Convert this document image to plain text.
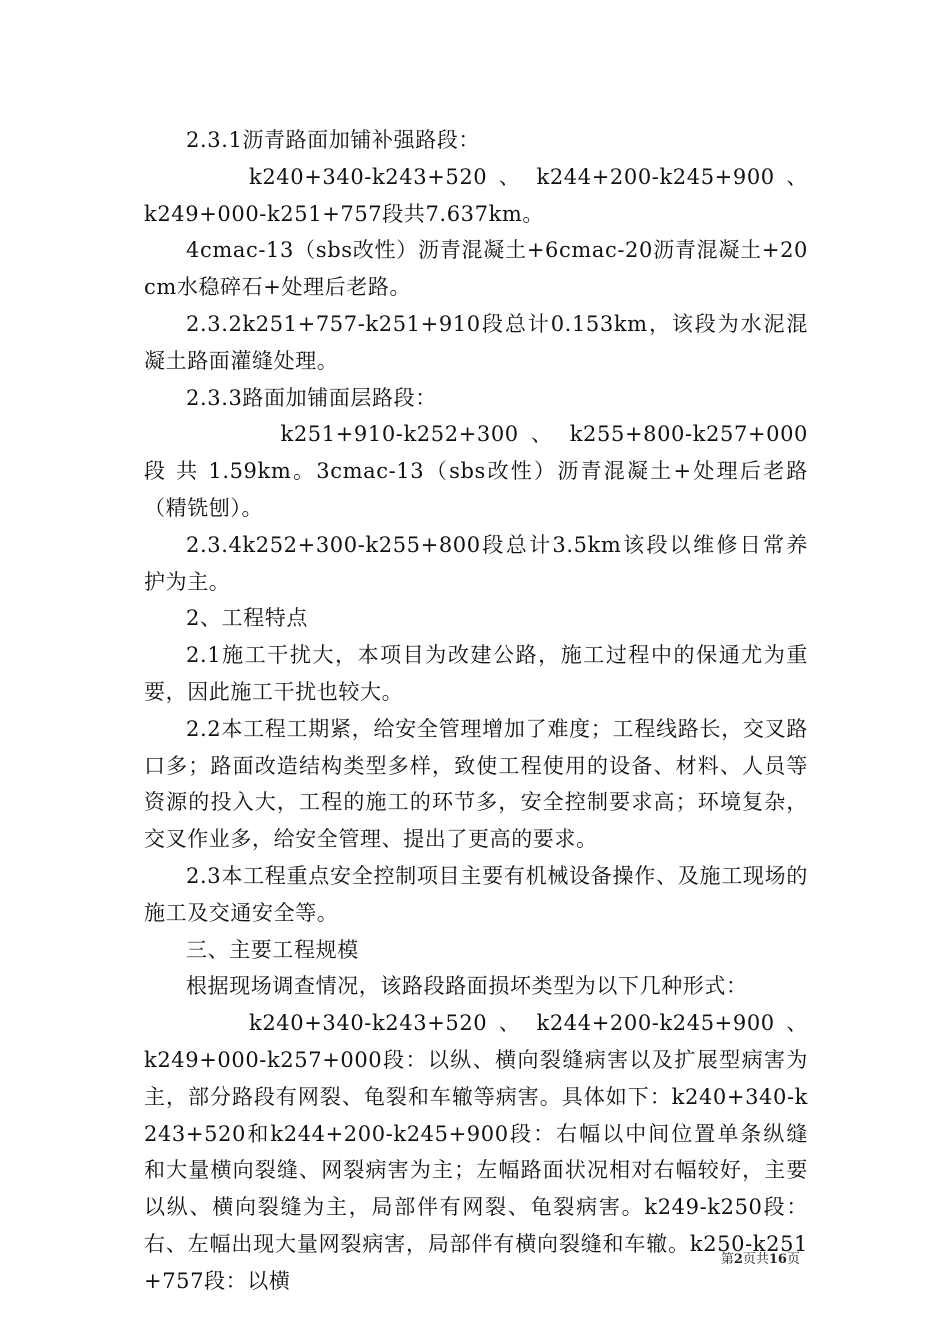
2.3.1沥青路面加铺补强路段：

k240+340-k243+520 、 k244+200-k245+900 、 k249+000-k251+757段共7.637km。

4cmac-13（sbs改性）沥青混凝土+6cmac-20沥青混凝土+20cm水稳碎石+处理后老路。

2.3.2k251+757-k251+910段总计0.153km，该段为水泥混凝土路面灌缝处理。

2.3.3路面加铺面层路段：

k251+910-k252+300 、 k255+800-k257+000 段 共 1.59km。3cmac-13（sbs改性）沥青混凝土+处理后老路（精铣刨）。

2.3.4k252+300-k255+800段总计3.5km该段以维修日常养护为主。

2、工程特点

2.1施工干扰大，本项目为改建公路，施工过程中的保通尤为重要，因此施工干扰也较大。

2.2本工程工期紧，给安全管理增加了难度；工程线路长，交叉路口多；路面改造结构类型多样，致使工程使用的设备、材料、人员等资源的投入大，工程的施工的环节多，安全控制要求高；环境复杂，交叉作业多，给安全管理、提出了更高的要求。

2.3本工程重点安全控制项目主要有机械设备操作、及施工现场的施工及交通安全等。

三、主要工程规模

根据现场调查情况，该路段路面损坏类型为以下几种形式：

k240+340-k243+520 、 k244+200-k245+900 、 k249+000-k257+000段：以纵、横向裂缝病害以及扩展型病害为主，部分路段有网裂、龟裂和车辙等病害。具体如下：k240+340-k243+520和k244+200-k245+900段：右幅以中间位置单条纵缝和大量横向裂缝、网裂病害为主；左幅路面状况相对右幅较好，主要以纵、横向裂缝为主，局部伴有网裂、龟裂病害。k249-k250段：右、左幅出现大量网裂病害，局部伴有横向裂缝和车辙。k250-k251+757段：以横

第2页共16页
